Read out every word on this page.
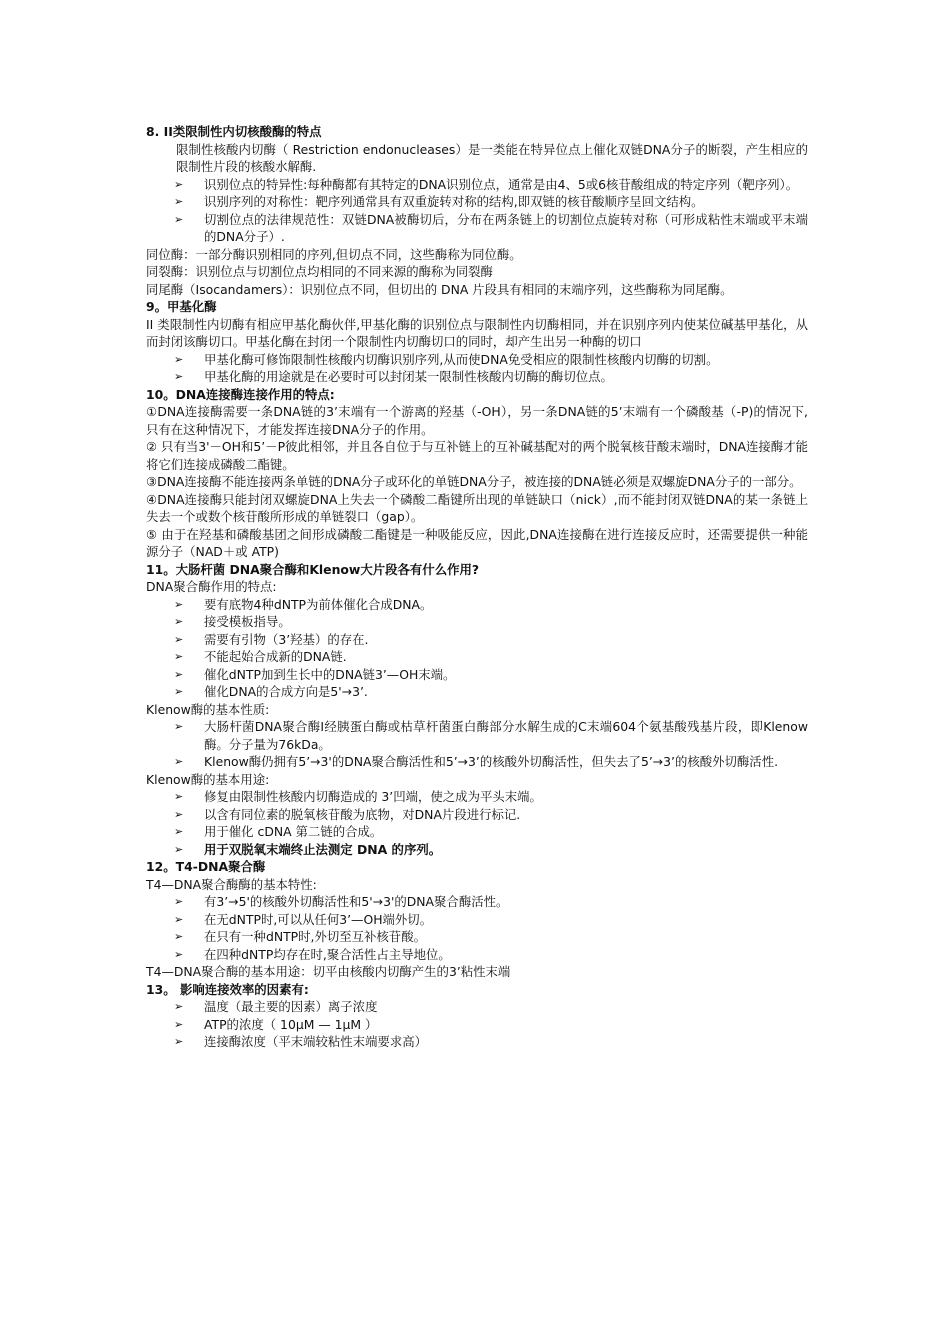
8. II类限制性内切核酸酶的特点
限制性核酸内切酶（ Restriction endonucleases）是一类能在特异位点上催化双链DNA分子的断裂，产生相应的限制性片段的核酸水解酶.
➢ 识别位点的特异性:每种酶都有其特定的DNA识别位点，通常是由4、5或6核苷酸组成的特定序列（靶序列）。
➢ 识别序列的对称性：靶序列通常具有双重旋转对称的结构,即双链的核苷酸顺序呈回文结构。
➢ 切割位点的法律规范性：双链DNA被酶切后，分布在两条链上的切割位点旋转对称（可形成粘性末端或平末端的DNA分子）.
同位酶：一部分酶识别相同的序列,但切点不同，这些酶称为同位酶。
同裂酶：识别位点与切割位点均相同的不同来源的酶称为同裂酶
同尾酶（Isocandamers）：识别位点不同，但切出的 DNA 片段具有相同的末端序列，这些酶称为同尾酶。
9。甲基化酶
II 类限制性内切酶有相应甲基化酶伙伴,甲基化酶的识别位点与限制性内切酶相同，并在识别序列内使某位碱基甲基化，从而封闭该酶切口。甲基化酶在封闭一个限制性内切酶切口的同时，却产生出另一种酶的切口
➢ 甲基化酶可修饰限制性核酸内切酶识别序列,从而使DNA免受相应的限制性核酸内切酶的切割。
➢ 甲基化酶的用途就是在必要时可以封闭某一限制性核酸内切酶的酶切位点。
10。DNA连接酶连接作用的特点:
①DNA连接酶需要一条DNA链的3’末端有一个游离的羟基（-OH），另一条DNA链的5’末端有一个磷酸基（-P)的情况下,只有在这种情况下，才能发挥连接DNA分子的作用。
② 只有当3'－OH和5’－P彼此相邻，并且各自位于与互补链上的互补碱基配对的两个脱氧核苷酸末端时，DNA连接酶才能将它们连接成磷酸二酯键。
③DNA连接酶不能连接两条单链的DNA分子或环化的单链DNA分子，被连接的DNA链必须是双螺旋DNA分子的一部分。
④DNA连接酶只能封闭双螺旋DNA上失去一个磷酸二酯键所出现的单链缺口（nick）,而不能封闭双链DNA的某一条链上失去一个或数个核苷酸所形成的单链裂口（gap）。
⑤ 由于在羟基和磷酸基团之间形成磷酸二酯键是一种吸能反应，因此,DNA连接酶在进行连接反应时，还需要提供一种能源分子（NAD＋或 ATP)
11。大肠杆菌 DNA聚合酶和Klenow大片段各有什么作用?
DNA聚合酶作用的特点:
➢ 要有底物4种dNTP为前体催化合成DNA。
➢ 接受模板指导。
➢ 需要有引物（3’羟基）的存在.
➢ 不能起始合成新的DNA链.
➢ 催化dNTP加到生长中的DNA链3’—OH末端。
➢ 催化DNA的合成方向是5'→3’.
Klenow酶的基本性质:
➢ 大肠杆菌DNA聚合酶Ⅰ经胰蛋白酶或枯草杆菌蛋白酶部分水解生成的C末端604个氨基酸残基片段，即Klenow酶。分子量为76kDa。
➢ Klenow酶仍拥有5’→3'的DNA聚合酶活性和5’→3’的核酸外切酶活性，但失去了5’→3’的核酸外切酶活性.
Klenow酶的基本用途:
➢ 修复由限制性核酸内切酶造成的 3’凹端，使之成为平头末端。
➢ 以含有同位素的脱氧核苷酸为底物，对DNA片段进行标记.
➢ 用于催化 cDNA 第二链的合成。
➢ 用于双脱氧末端终止法测定 DNA 的序列。
12。T4-DNA聚合酶
T4—DNA聚合酶酶的基本特性:
➢ 有3’→5'的核酸外切酶活性和5'→3'的DNA聚合酶活性。
➢ 在无dNTP时,可以从任何3’—OH端外切。
➢ 在只有一种dNTP时,外切至互补核苷酸。
➢ 在四种dNTP均存在时,聚合活性占主导地位。
T4—DNA聚合酶的基本用途：切平由核酸内切酶产生的3’粘性末端
13。 影响连接效率的因素有:
➢ 温度（最主要的因素）离子浓度
➢ ATP的浓度（ 10μM — 1μM ）
➢ 连接酶浓度（平末端较粘性末端要求高）
